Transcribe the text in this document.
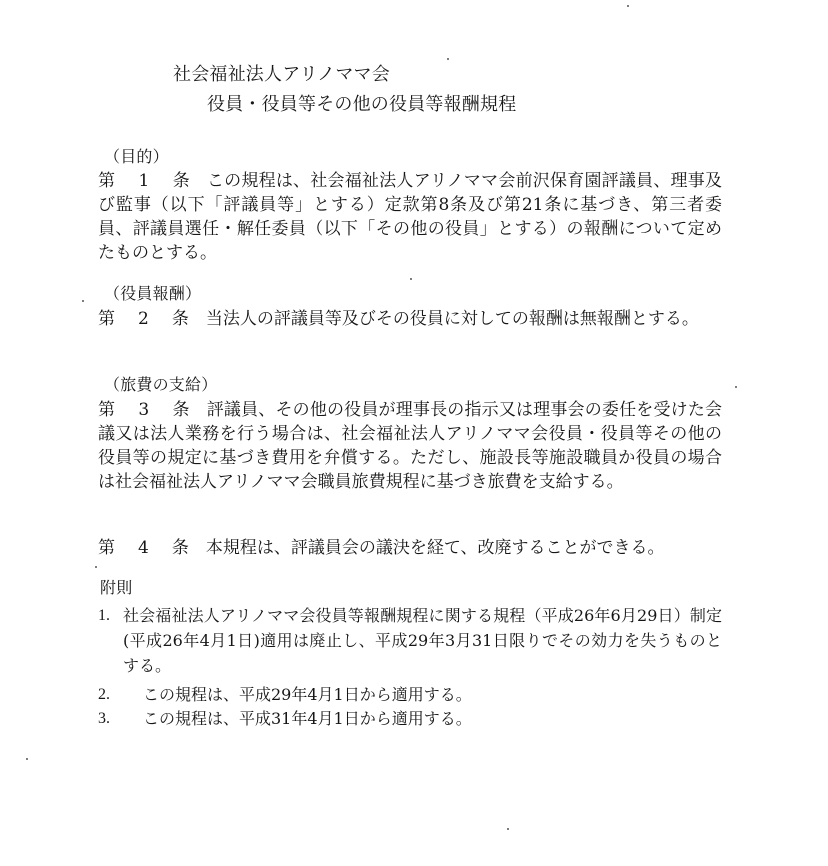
社会福祉法人アリノママ会
役員・役員等その他の役員等報酬規程
（目的）
第　1　条 この規程は、社会福祉法人アリノママ会前沢保育園評議員、理事及び監事（以下「評議員等」とする）定款第8条及び第21条に基づき、第三者委員、評議員選任・解任委員（以下「その他の役員」とする）の報酬について定めたものとする。
（役員報酬）
第　2　条 当法人の評議員等及びその役員に対しての報酬は無報酬とする。
（旅費の支給）
第　3　条 評議員、その他の役員が理事長の指示又は理事会の委任を受けた会議又は法人業務を行う場合は、社会福祉法人アリノママ会役員・役員等その他の役員等の規定に基づき費用を弁償する。ただし、施設長等施設職員か役員の場合は社会福祉法人アリノママ会職員旅費規程に基づき旅費を支給する。
第　4　条 本規程は、評議員会の議決を経て、改廃することができる。
附則
1. 社会福祉法人アリノママ会役員等報酬規程に関する規程（平成26年6月29日）制定(平成26年4月1日)適用は廃止し、平成29年3月31日限りでその効力を失うものとする。
2. この規程は、平成29年4月1日から適用する。
3. この規程は、平成31年4月1日から適用する。
